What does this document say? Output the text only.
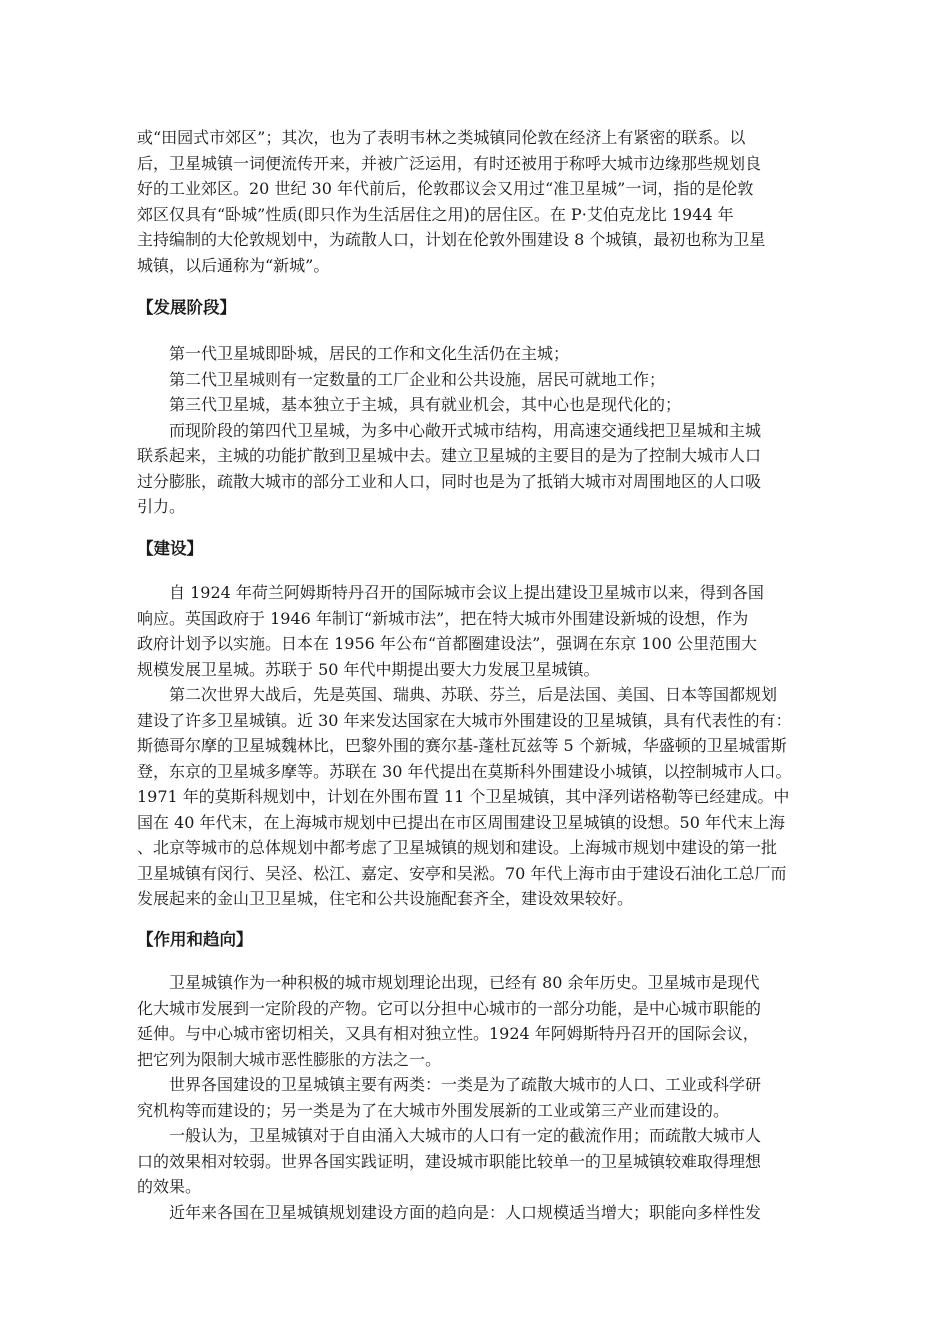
或“田园式市郊区”；其次，也为了表明韦林之类城镇同伦敦在经济上有紧密的联系。以
后，卫星城镇一词便流传开来，并被广泛运用，有时还被用于称呼大城市边缘那些规划良
好的工业郊区。20 世纪 30 年代前后，伦敦郡议会又用过“准卫星城”一词，指的是伦敦
郊区仅具有“卧城”性质(即只作为生活居住之用)的居住区。在 P·艾伯克龙比 1944 年
主持编制的大伦敦规划中，为疏散人口，计划在伦敦外围建设 8 个城镇，最初也称为卫星
城镇，以后通称为“新城”。
【发展阶段】
　　第一代卫星城即卧城，居民的工作和文化生活仍在主城；
　　第二代卫星城则有一定数量的工厂企业和公共设施，居民可就地工作；
　　第三代卫星城，基本独立于主城，具有就业机会，其中心也是现代化的；
　　而现阶段的第四代卫星城，为多中心敞开式城市结构，用高速交通线把卫星城和主城
联系起来，主城的功能扩散到卫星城中去。建立卫星城的主要目的是为了控制大城市人口
过分膨胀，疏散大城市的部分工业和人口，同时也是为了抵销大城市对周围地区的人口吸
引力。
【建设】
　　自 1924 年荷兰阿姆斯特丹召开的国际城市会议上提出建设卫星城市以来，得到各国
响应。英国政府于 1946 年制订“新城市法”，把在特大城市外围建设新城的设想，作为
政府计划予以实施。日本在 1956 年公布“首都圈建设法”，强调在东京 100 公里范围大
规模发展卫星城。苏联于 50 年代中期提出要大力发展卫星城镇。
　　第二次世界大战后，先是英国、瑞典、苏联、芬兰，后是法国、美国、日本等国都规划
建设了许多卫星城镇。近 30 年来发达国家在大城市外围建设的卫星城镇，具有代表性的有：
斯德哥尔摩的卫星城魏林比，巴黎外围的赛尔基-蓬杜瓦兹等 5 个新城，华盛顿的卫星城雷斯
登，东京的卫星城多摩等。苏联在 30 年代提出在莫斯科外围建设小城镇，以控制城市人口。
1971 年的莫斯科规划中，计划在外围布置 11 个卫星城镇，其中泽列诺格勒等已经建成。中
国在 40 年代末，在上海城市规划中已提出在市区周围建设卫星城镇的设想。50 年代末上海
、北京等城市的总体规划中都考虑了卫星城镇的规划和建设。上海城市规划中建设的第一批
卫星城镇有闵行、吴泾、松江、嘉定、安亭和吴淞。70 年代上海市由于建设石油化工总厂而
发展起来的金山卫卫星城，住宅和公共设施配套齐全，建设效果较好。
【作用和趋向】
　　卫星城镇作为一种积极的城市规划理论出现，已经有 80 余年历史。卫星城市是现代
化大城市发展到一定阶段的产物。它可以分担中心城市的一部分功能，是中心城市职能的
延伸。与中心城市密切相关，又具有相对独立性。1924 年阿姆斯特丹召开的国际会议，
把它列为限制大城市恶性膨胀的方法之一。
　　世界各国建设的卫星城镇主要有两类：一类是为了疏散大城市的人口、工业或科学研
究机构等而建设的；另一类是为了在大城市外围发展新的工业或第三产业而建设的。
　　一般认为，卫星城镇对于自由涌入大城市的人口有一定的截流作用；而疏散大城市人
口的效果相对较弱。世界各国实践证明，建设城市职能比较单一的卫星城镇较难取得理想
的效果。
　　近年来各国在卫星城镇规划建设方面的趋向是：人口规模适当增大；职能向多样性发
